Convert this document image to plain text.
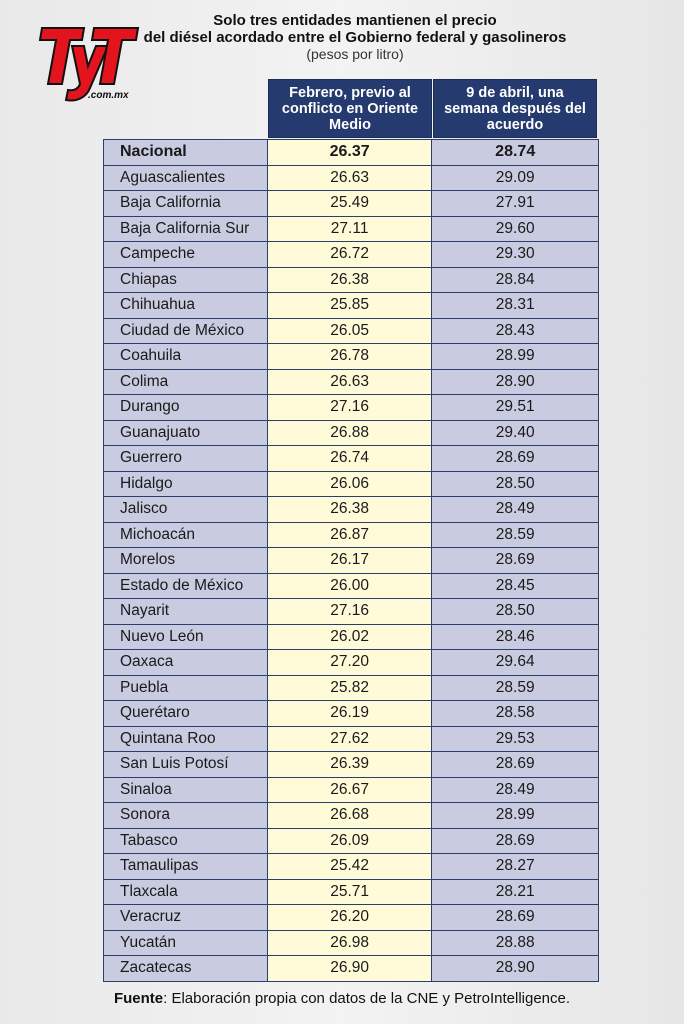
.com.mx
Solo tres entidades mantienen el precio
del diésel acordado entre el Gobierno federal y gasolineros
(pesos por litro)
Febrero, previo al conflicto en Oriente Medio
9 de abril, una semana después del acuerdo
Nacional	26.37	28.74
Aguascalientes	26.63	29.09
Baja California	25.49	27.91
Baja California Sur	27.11	29.60
Campeche	26.72	29.30
Chiapas	26.38	28.84
Chihuahua	25.85	28.31
Ciudad de México	26.05	28.43
Coahuila	26.78	28.99
Colima	26.63	28.90
Durango	27.16	29.51
Guanajuato	26.88	29.40
Guerrero	26.74	28.69
Hidalgo	26.06	28.50
Jalisco	26.38	28.49
Michoacán	26.87	28.59
Morelos	26.17	28.69
Estado de México	26.00	28.45
Nayarit	27.16	28.50
Nuevo León	26.02	28.46
Oaxaca	27.20	29.64
Puebla	25.82	28.59
Querétaro	26.19	28.58
Quintana Roo	27.62	29.53
San Luis Potosí	26.39	28.69
Sinaloa	26.67	28.49
Sonora	26.68	28.99
Tabasco	26.09	28.69
Tamaulipas	25.42	28.27
Tlaxcala	25.71	28.21
Veracruz	26.20	28.69
Yucatán	26.98	28.88
Zacatecas	26.90	28.90
Fuente: Elaboración propia con datos de la CNE y PetroIntelligence.
